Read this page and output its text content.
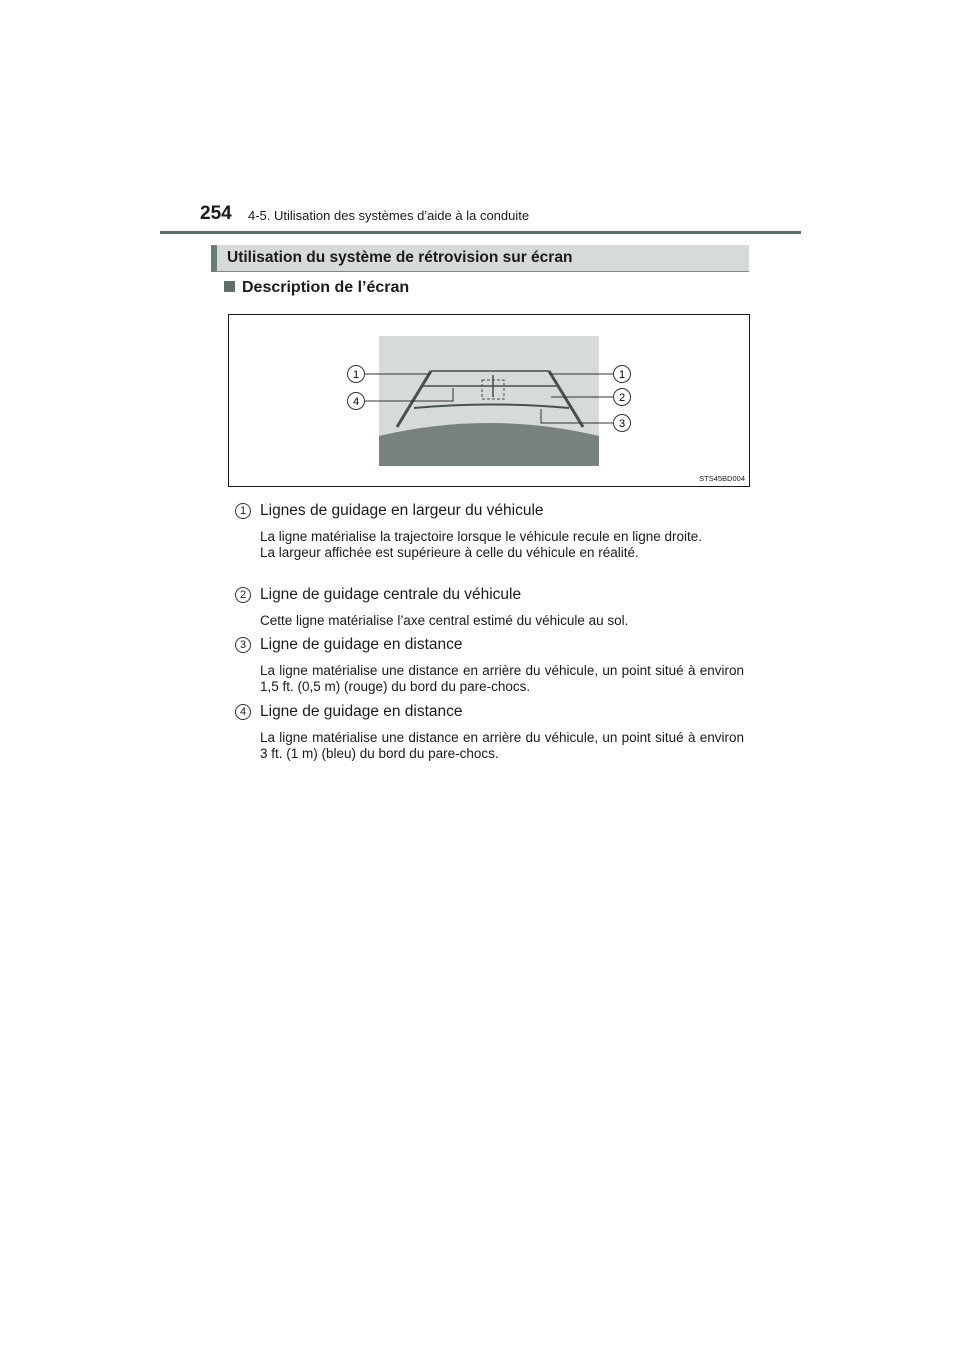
254 4-5. Utilisation des systèmes d’aide à la conduite
Utilisation du système de rétrovision sur écran
Description de l’écran
1
4
1
2
3
STS45BD004
1 Lignes de guidage en largeur du véhicule

La ligne matérialise la trajectoire lorsque le véhicule recule en ligne droite.

La largeur affichée est supérieure à celle du véhicule en réalité.

2 Ligne de guidage centrale du véhicule

Cette ligne matérialise l’axe central estimé du véhicule au sol.

3 Ligne de guidage en distance

La ligne matérialise une distance en arrière du véhicule, un point situé à environ 1,5 ft. (0,5 m) (rouge) du bord du pare-chocs.

4 Ligne de guidage en distance

La ligne matérialise une distance en arrière du véhicule, un point situé à environ 3 ft. (1 m) (bleu) du bord du pare-chocs.
